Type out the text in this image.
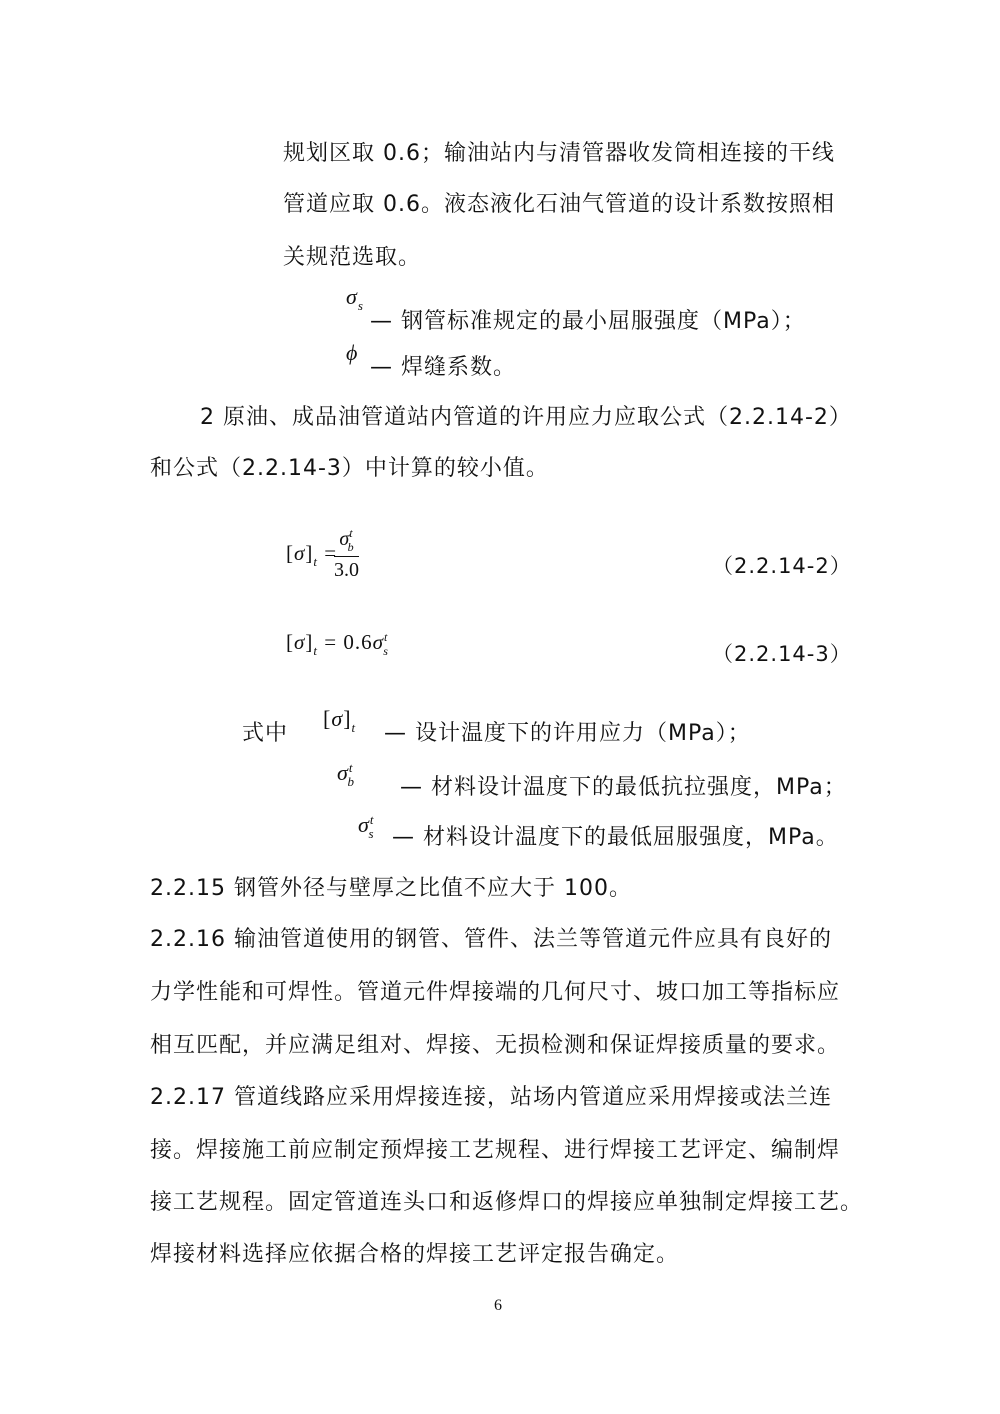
规划区取 0.6；输油站内与清管器收发筒相连接的干线
管道应取 0.6。液态液化石油气管道的设计系数按照相
关规范选取。
$\sigma_s$
— 钢管标准规定的最小屈服强度（MPa）；
ϕ
— 焊缝系数。
2 原油、成品油管道站内管道的许用应力应取公式（2.2.14-2）
和公式（2.2.14-3）中计算的较小值。
$[\sigma]_t$ =
$\sigma^t_b$
3.0	（2.2.14-2）
$[\sigma]_t = 0.6\sigma^t_s$	（2.2.14-3）
式中
$[\sigma]_t$ — 设计温度下的许用应力（MPa）；
$\sigma^t_b$ — 材料设计温度下的最低抗拉强度，MPa；
$\sigma^t_s$ — 材料设计温度下的最低屈服强度，MPa。
2.2.15 钢管外径与壁厚之比值不应大于 100。
2.2.16 输油管道使用的钢管、管件、法兰等管道元件应具有良好的
力学性能和可焊性。管道元件焊接端的几何尺寸、坡口加工等指标应
相互匹配，并应满足组对、焊接、无损检测和保证焊接质量的要求。
2.2.17 管道线路应采用焊接连接，站场内管道应采用焊接或法兰连
接。焊接施工前应制定预焊接工艺规程、进行焊接工艺评定、编制焊
接工艺规程。固定管道连头口和返修焊口的焊接应单独制定焊接工艺。
焊接材料选择应依据合格的焊接工艺评定报告确定。
6
